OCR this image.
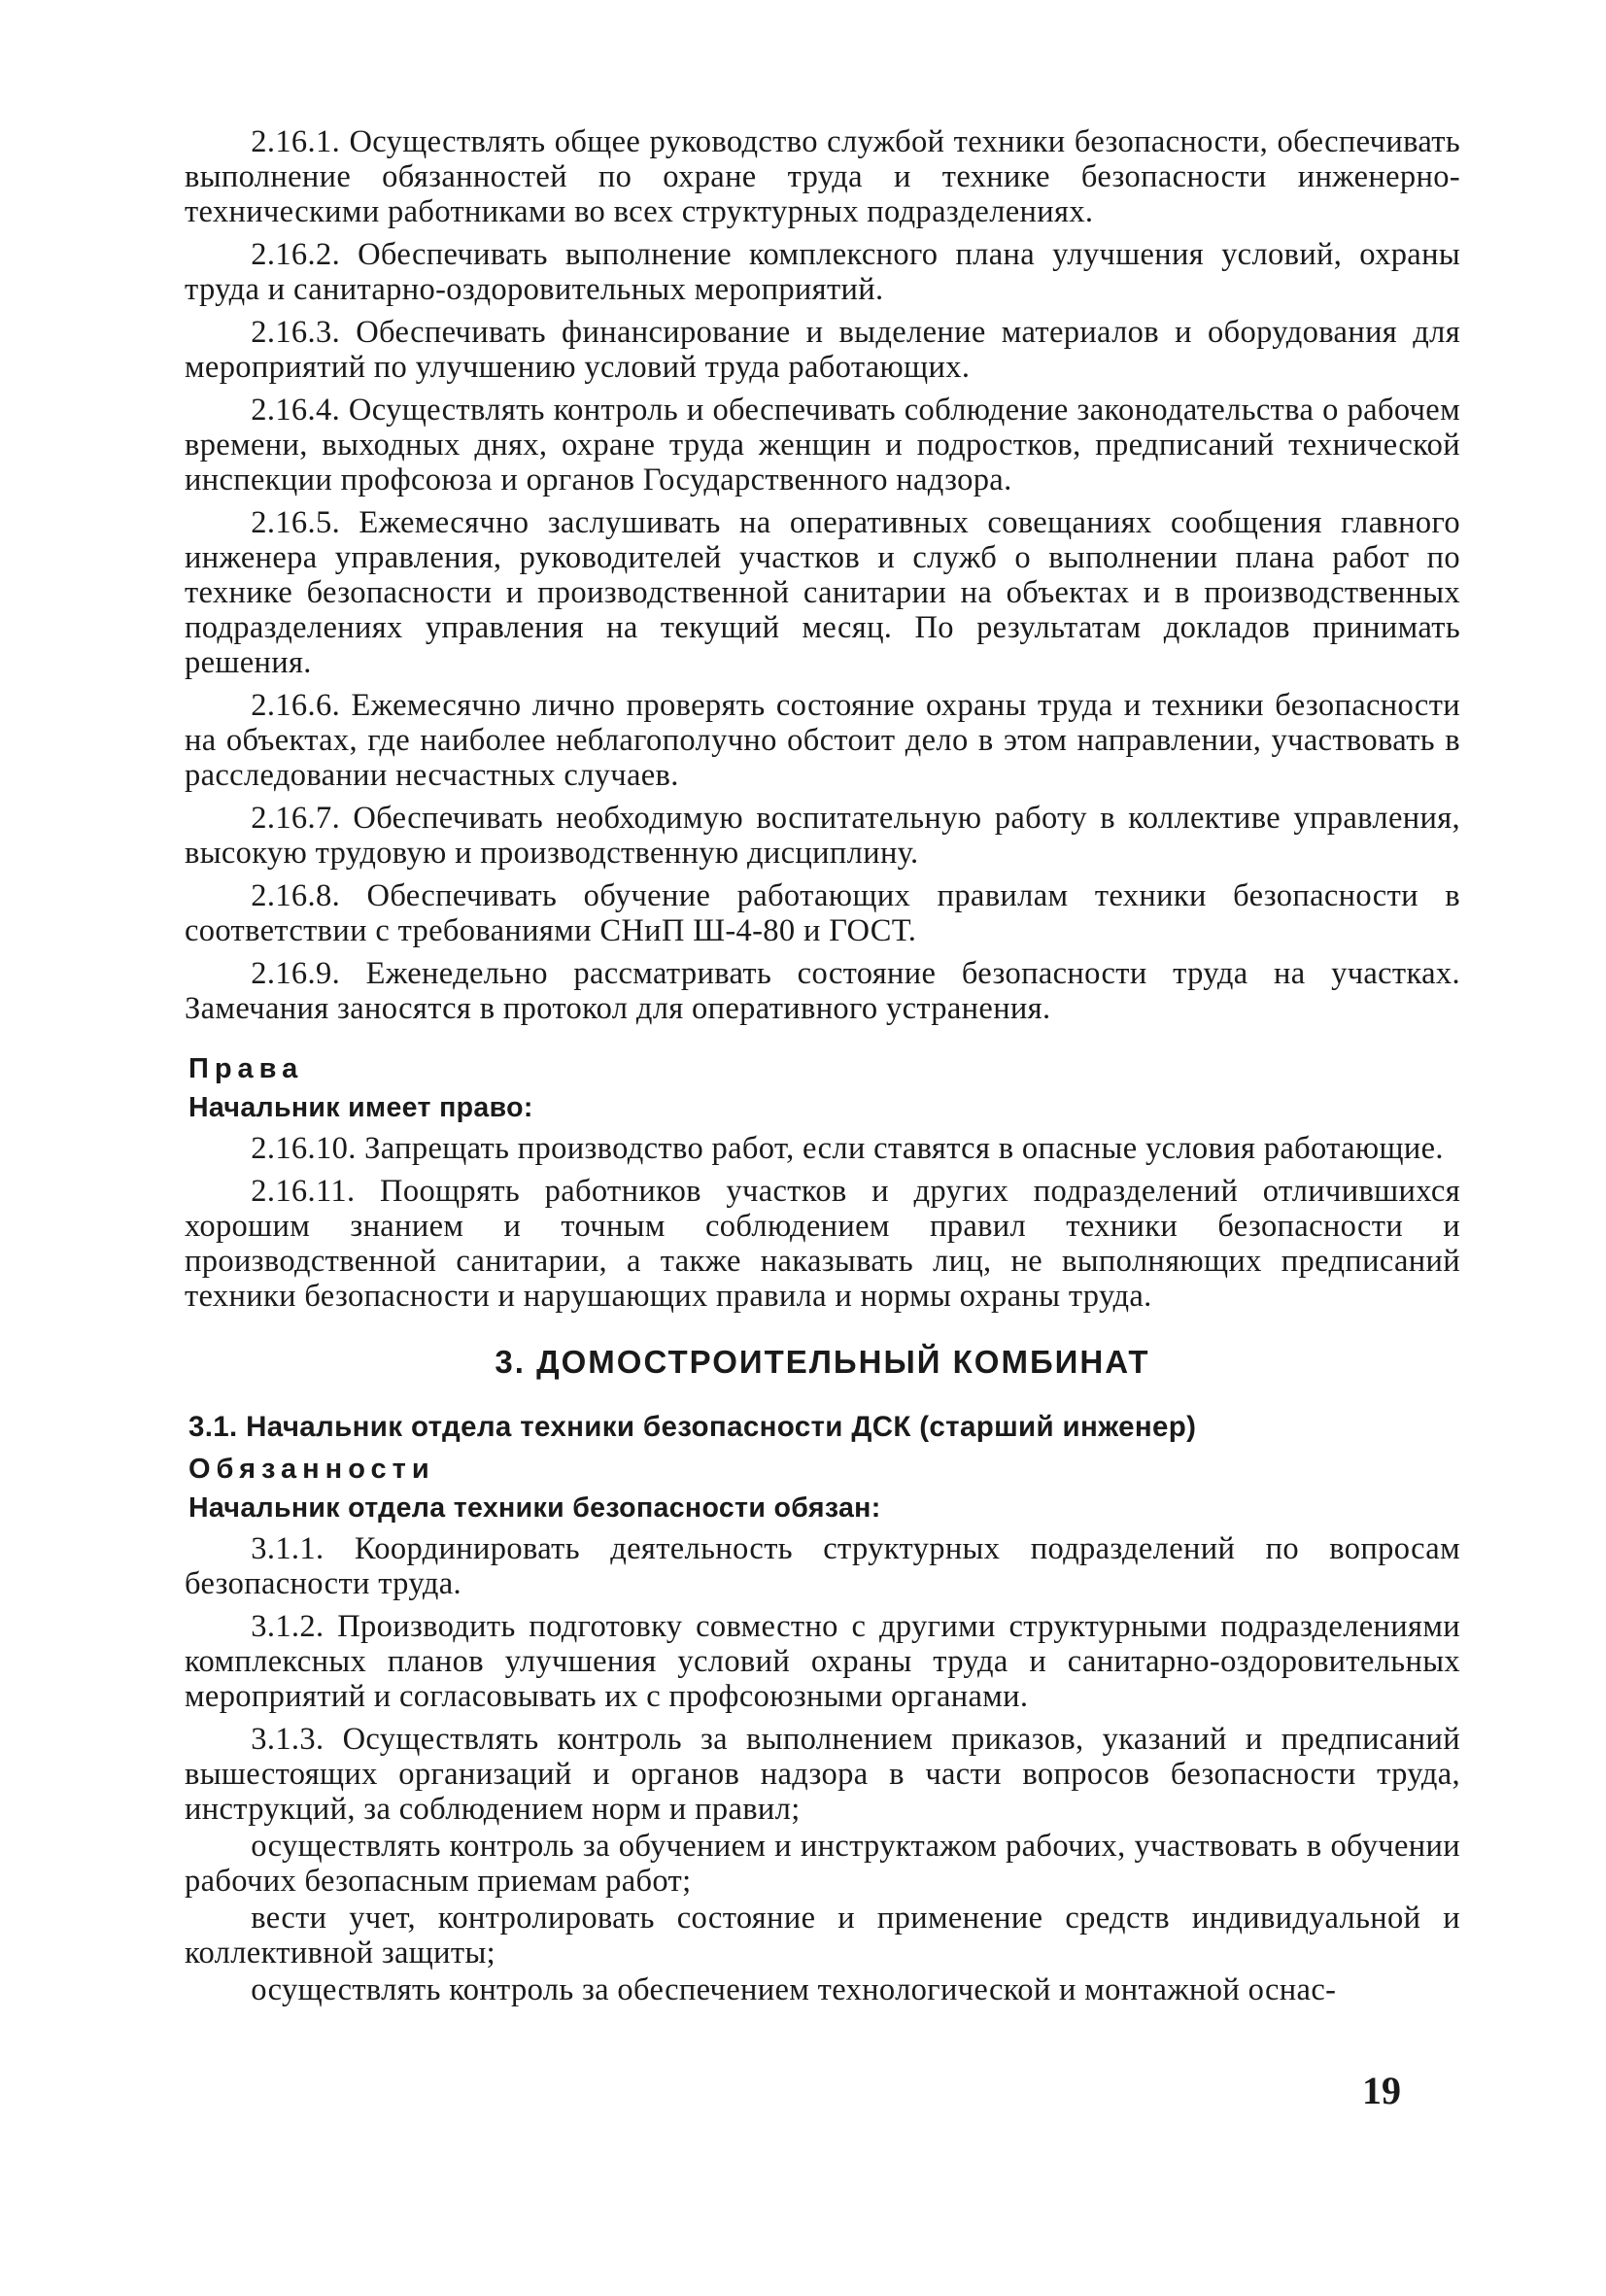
2.16.1. Осуществлять общее руководство службой техники безопасности, обеспечивать выполнение обязанностей по охране труда и технике безопасности инженерно-техническими работниками во всех структурных подразделениях.

2.16.2. Обеспечивать выполнение комплексного плана улучшения условий, охраны труда и санитарно-оздоровительных мероприятий.

2.16.3. Обеспечивать финансирование и выделение материалов и оборудования для мероприятий по улучшению условий труда работающих.

2.16.4. Осуществлять контроль и обеспечивать соблюдение законодательства о рабочем времени, выходных днях, охране труда женщин и подростков, предписаний технической инспекции профсоюза и органов Государственного надзора.

2.16.5. Ежемесячно заслушивать на оперативных совещаниях сообщения главного инженера управления, руководителей участков и служб о выполнении плана работ по технике безопасности и производственной санитарии на объектах и в производственных подразделениях управления на текущий месяц. По результатам докладов принимать решения.

2.16.6. Ежемесячно лично проверять состояние охраны труда и техники безопасности на объектах, где наиболее неблагополучно обстоит дело в этом направлении, участвовать в расследовании несчастных случаев.

2.16.7. Обеспечивать необходимую воспитательную работу в коллективе управления, высокую трудовую и производственную дисциплину.

2.16.8. Обеспечивать обучение работающих правилам техники безопасности в соответствии с требованиями СНиП Ш-4-80 и ГОСТ.

2.16.9. Еженедельно рассматривать состояние безопасности труда на участках. Замечания заносятся в протокол для оперативного устранения.

Права
Начальник имеет право:

2.16.10. Запрещать производство работ, если ставятся в опасные условия работающие.

2.16.11. Поощрять работников участков и других подразделений отличившихся хорошим знанием и точным соблюдением правил техники безопасности и производственной санитарии, а также наказывать лиц, не выполняющих предписаний техники безопасности и нарушающих правила и нормы охраны труда.

3. ДОМОСТРОИТЕЛЬНЫЙ КОМБИНАТ
3.1. Начальник отдела техники безопасности ДСК (старший инженер)
Обязанности
Начальник отдела техники безопасности обязан:

3.1.1. Координировать деятельность структурных подразделений по вопросам безопасности труда.

3.1.2. Производить подготовку совместно с другими структурными подразделениями комплексных планов улучшения условий охраны труда и санитарно-оздоровительных мероприятий и согласовывать их с профсоюзными органами.

3.1.3. Осуществлять контроль за выполнением приказов, указаний и предписаний вышестоящих организаций и органов надзора в части вопросов безопасности труда, инструкций, за соблюдением норм и правил;

осуществлять контроль за обучением и инструктажом рабочих, участвовать в обучении рабочих безопасным приемам работ;

вести учет, контролировать состояние и применение средств индивидуальной и коллективной защиты;

осуществлять контроль за обеспечением технологической и монтажной оснас-

19
